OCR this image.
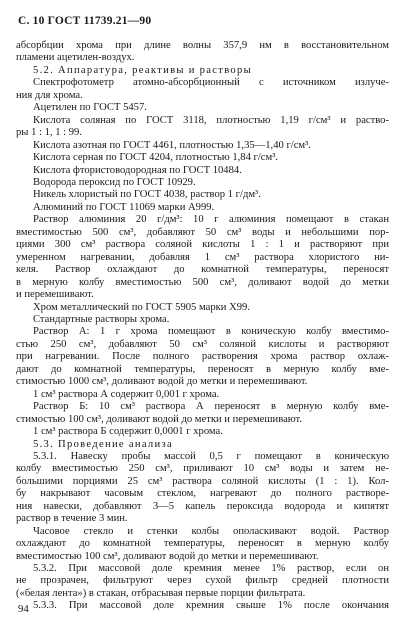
С. 10 ГОСТ 11739.21—90
абсорбции хрома при длине волны 357,9 нм в восстановительном
пламени ацетилен-воздух.
5.2. Аппаратура, реактивы и растворы
Спектрофотометр атомно-абсорбционный с источником излуче-
ния для хрома.
Ацетилен по ГОСТ 5457.
Кислота соляная по ГОСТ 3118, плотностью 1,19 г/см³ и раство-
ры 1 : 1, 1 : 99.
Кислота азотная по ГОСТ 4461, плотностью 1,35—1,40 г/см³.
Кислота серная по ГОСТ 4204, плотностью 1,84 г/см³.
Кислота фтористоводородная по ГОСТ 10484.
Водорода пероксид по ГОСТ 10929.
Никель хлористый по ГОСТ 4038, раствор 1 г/дм³.
Алюминий по ГОСТ 11069 марки А999.
Раствор алюминия 20 г/дм³: 10 г алюминия помещают в стакан
вместимостью 500 см³, добавляют 50 см³ воды и небольшими пор-
циями 300 см³ раствора соляной кислоты 1 : 1 и растворяют при
умеренном нагревании, добавляя 1 см³ раствора хлористого ни-
келя. Раствор охлаждают до комнатной температуры, переносят
в мерную колбу вместимостью 500 см³, доливают водой до метки
и перемешивают.
Хром металлический по ГОСТ 5905 марки Х99.
Стандартные растворы хрома.
Раствор А: 1 г хрома помещают в коническую колбу вместимо-
стью 250 см³, добавляют 50 см³ соляной кислоты и растворяют
при нагревании. После полного растворения хрома раствор охлаж-
дают до комнатной температуры, переносят в мерную колбу вме-
стимостью 1000 см³, доливают водой до метки и перемешивают.
1 см³ раствора А содержит 0,001 г хрома.
Раствор Б: 10 см³ раствора А переносят в мерную колбу вме-
стимостью 100 см³, доливают водой до метки и перемешивают.
1 см³ раствора Б содержит 0,0001 г хрома.
5.3. Проведение анализа
5.3.1. Навеску пробы массой 0,5 г помещают в коническую
колбу вместимостью 250 см³, приливают 10 см³ воды и затем не-
большими порциями 25 см³ раствора соляной кислоты (1 : 1). Кол-
бу накрывают часовым стеклом, нагревают до полного растворе-
ния навески, добавляют 3—5 капель пероксида водорода и кипятят
раствор в течение 3 мин.
Часовое стекло и стенки колбы ополаскивают водой. Раствор
охлаждают до комнатной температуры, переносят в мерную колбу
вместимостью 100 см³, доливают водой до метки и перемешивают.
5.3.2. При массовой доле кремния менее 1% раствор, если он
не прозрачен, фильтруют через сухой фильтр средней плотности
(«белая лента») в стакан, отбрасывая первые порции фильтрата.
5.3.3. При массовой доле кремния свыше 1% после окончания
94
